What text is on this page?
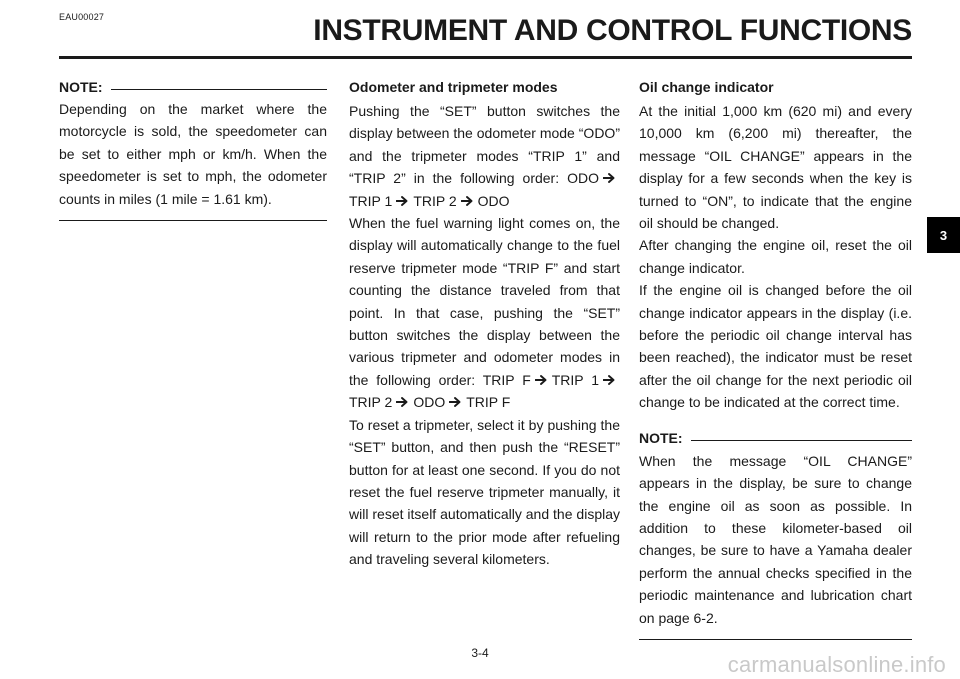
EAU00027	INSTRUMENT AND CONTROL FUNCTIONS
NOTE:

Depending on the market where the motorcycle is sold, the speedometer can be set to either mph or km/h. When the speedometer is set to mph, the odometer counts in miles (1 mile = 1.61 km).

Odometer and tripmeter modes

Pushing the “SET” button switches the display between the odometer mode “ODO” and the tripmeter modes “TRIP 1” and “TRIP 2” in the following order: ODOTRIP 1 TRIP 2 ODO

When the fuel warning light comes on, the display will automatically change to the fuel reserve tripmeter mode “TRIP F” and start counting the distance traveled from that point. In that case, pushing the “SET” button switches the display between the various tripmeter and odometer modes in the following order: TRIP F TRIP 1TRIP 2 ODO TRIP F

To reset a tripmeter, select it by pushing the “SET” button, and then push the “RESET” button for at least one second. If you do not reset the fuel reserve tripmeter manually, it will reset itself automatically and the display will return to the prior mode after refueling and traveling several kilometers.

Oil change indicator

At the initial 1,000 km (620 mi) and every 10,000 km (6,200 mi) thereafter, the message “OIL CHANGE” appears in the display for a few seconds when the key is turned to “ON”, to indicate that the engine oil should be changed.

After changing the engine oil, reset the oil change indicator.

If the engine oil is changed before the oil change indicator appears in the display (i.e. before the periodic oil change interval has been reached), the indicator must be reset after the oil change for the next periodic oil change to be indicated at the correct time.

NOTE:

When the message “OIL CHANGE” appears in the display, be sure to change the engine oil as soon as possible. In addition to these kilometer-based oil changes, be sure to have a Yamaha dealer perform the annual checks specified in the periodic maintenance and lubrication chart on page 6-2.

3
3-4	carmanualsonline.info
